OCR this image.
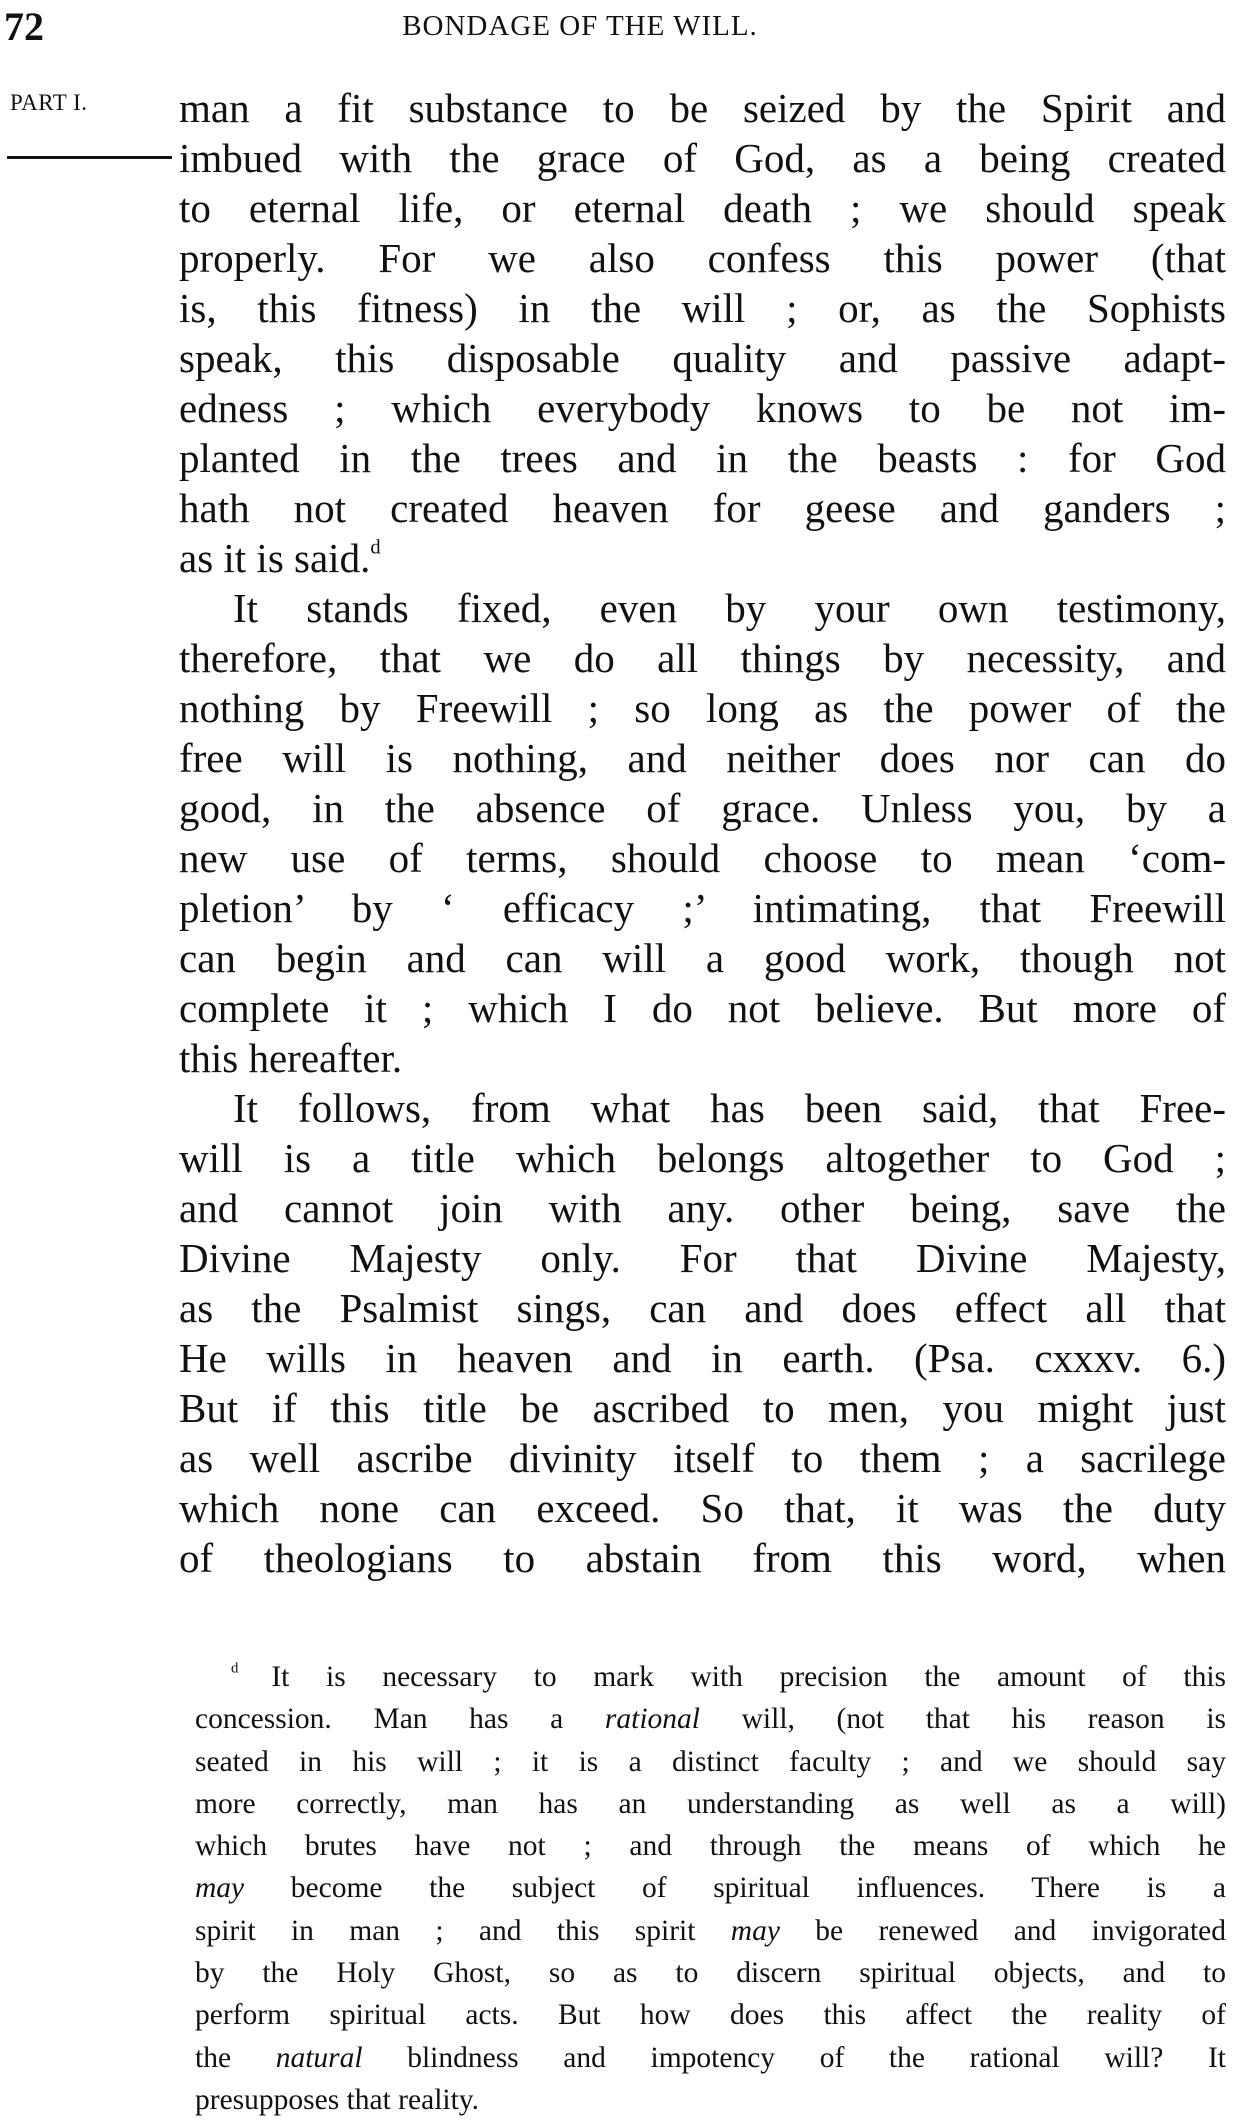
72	BONDAGE OF THE WILL.
PART I. man a fit substance to be seized by the Spirit and
imbued with the grace of God, as a being created
to eternal life, or eternal death ; we should speak
properly. For we also confess this power (that
is, this fitness) in the will ; or, as the Sophists
speak, this disposable quality and passive adapt-
edness ; which everybody knows to be not im-
planted in the trees and in the beasts : for God
hath not created heaven for geese and ganders ;
as it is said.$^d$
It stands fixed, even by your own testimony,
therefore, that we do all things by necessity, and
nothing by Freewill ; so long as the power of the
free will is nothing, and neither does nor can do
good, in the absence of grace. Unless you, by a
new use of terms, should choose to mean ‘com-
pletion’ by ‘ efficacy ;’ intimating, that Freewill
can begin and can will a good work, though not
complete it ; which I do not believe. But more of
this hereafter.
It follows, from what has been said, that Free-
will is a title which belongs altogether to God ;
and cannot join with any. other being, save the
Divine Majesty only. For that Divine Majesty,
as the Psalmist sings, can and does effect all that
He wills in heaven and in earth. (Psa. cxxxv. 6.)
But if this title be ascribed to men, you might just
as well ascribe divinity itself to them ; a sacrilege
which none can exceed. So that, it was the duty
of theologians to abstain from this word, when
$^d$ It is necessary to mark with precision the amount of this
concession. Man has a rational will, (not that his reason is
seated in his will ; it is a distinct faculty ; and we should say
more correctly, man has an understanding as well as a will)
which brutes have not ; and through the means of which he
may become the subject of spiritual influences. There is a
spirit in man ; and this spirit may be renewed and invigorated
by the Holy Ghost, so as to discern spiritual objects, and to
perform spiritual acts. But how does this affect the reality of
the natural blindness and impotency of the rational will? It
presupposes that reality.
